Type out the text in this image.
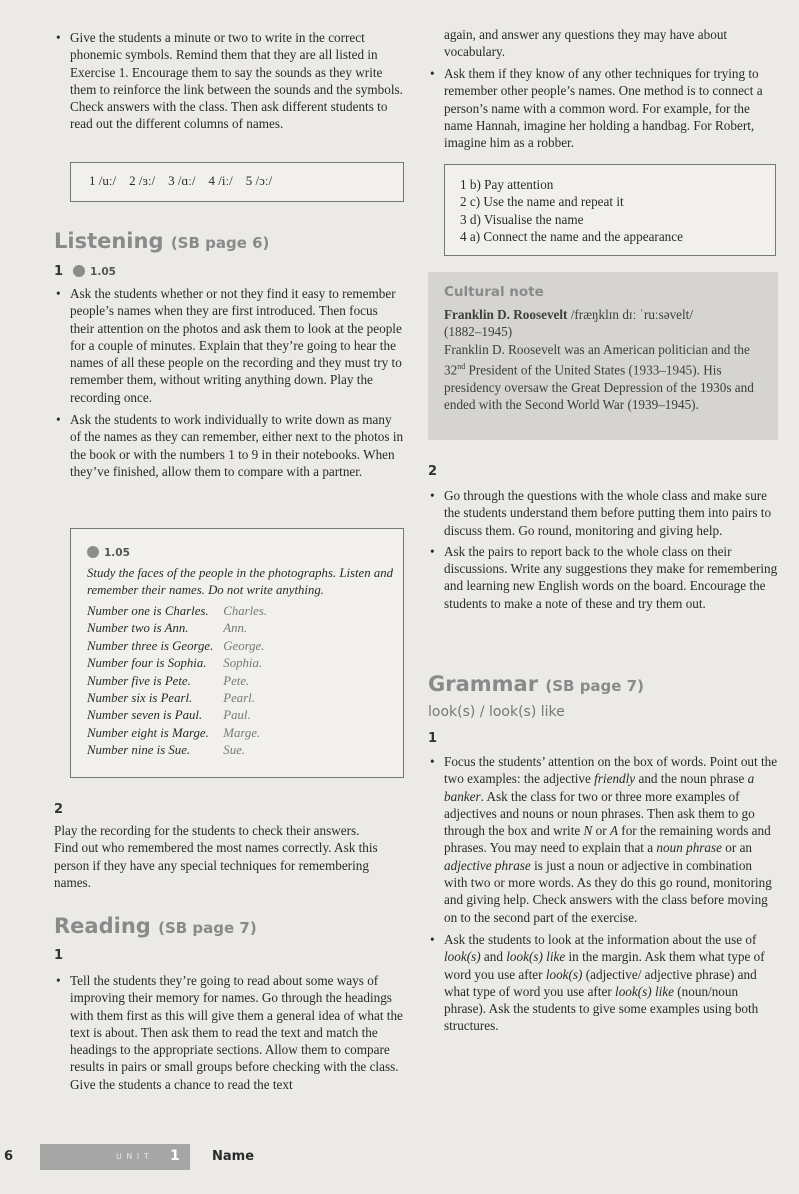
• Give the students a minute or two to write in the correct phonemic symbols. Remind them that they are all listed in Exercise 1. Encourage them to say the sounds as they write them to reinforce the link between the sounds and the symbols. Check answers with the class. Then ask different students to read out the different columns of names.
1 /uː/ 2 /ɜː/ 3 /ɑː/ 4 /iː/ 5 /ɔː/
Listening (SB page 6)
1	1.05
• Ask the students whether or not they find it easy to remember people’s names when they are first introduced. Then focus their attention on the photos and ask them to look at the people for a couple of minutes. Explain that they’re going to hear the names of all these people on the recording and they must try to remember them, without writing anything down. Play the recording once.
• Ask the students to work individually to write down as many of the names as they can remember, either next to the photos in the book or with the numbers 1 to 9 in their notebooks. When they’ve finished, allow them to compare with a partner.
1.05

Study the faces of the people in the photographs. Listen and remember their names. Do not write anything.

Number one is Charles.	Charles.
Number two is Ann.	Ann.
Number three is George.	George.
Number four is Sophia.	Sophia.
Number five is Pete.	Pete.
Number six is Pearl.	Pearl.
Number seven is Paul.	Paul.
Number eight is Marge.	Marge.
Number nine is Sue.	Sue.
2

Play the recording for the students to check their answers. Find out who remembered the most names correctly. Ask this person if they have any special techniques for remembering names.

Reading (SB page 7)
1
• Tell the students they’re going to read about some ways of improving their memory for names. Go through the headings with them first as this will give them a general idea of what the text is about. Then ask them to read the text and match the headings to the appropriate sections. Allow them to compare results in pairs or small groups before checking with the class. Give the students a chance to read the text

again, and answer any questions they may have about vocabulary.

• Ask them if they know of any other techniques for trying to remember other people’s names. One method is to connect a person’s name with a common word. For example, for the name Hannah, imagine her holding a handbag. For Robert, imagine him as a robber.

1 b) Pay attention

2 c) Use the name and repeat it

3 d) Visualise the name

4 a) Connect the name and the appearance

Cultural note

Franklin D. Roosevelt /fræŋklɪn dɪː ˈruːsəvelt/
(1882–1945)
Franklin D. Roosevelt was an American politician and the 32nd President of the United States (1933–1945). His presidency oversaw the Great Depression of the 1930s and ended with the Second World War (1939–1945).

2
• Go through the questions with the whole class and make sure the students understand them before putting them into pairs to discuss them. Go round, monitoring and giving help.
• Ask the pairs to report back to the whole class on their discussions. Write any suggestions they make for remembering and learning new English words on the board. Encourage the students to make a note of these and try them out.
Grammar (SB page 7)
look(s) / look(s) like
1
• Focus the students’ attention on the box of words. Point out the two examples: the adjective friendly and the noun phrase a banker. Ask the class for two or three more examples of adjectives and nouns or noun phrases. Then ask them to go through the box and write N or A for the remaining words and phrases. You may need to explain that a noun phrase or an adjective phrase is just a noun or adjective in combination with two or more words. As they do this go round, monitoring and giving help. Check answers with the class before moving on to the second part of the exercise.
• Ask the students to look at the information about the use of look(s) and look(s) like in the margin. Ask them what type of word you use after look(s) (adjective/ adjective phrase) and what type of word you use after look(s) like (noun/noun phrase). Ask the students to give some examples using both structures.
6	U N I T 1 Name
